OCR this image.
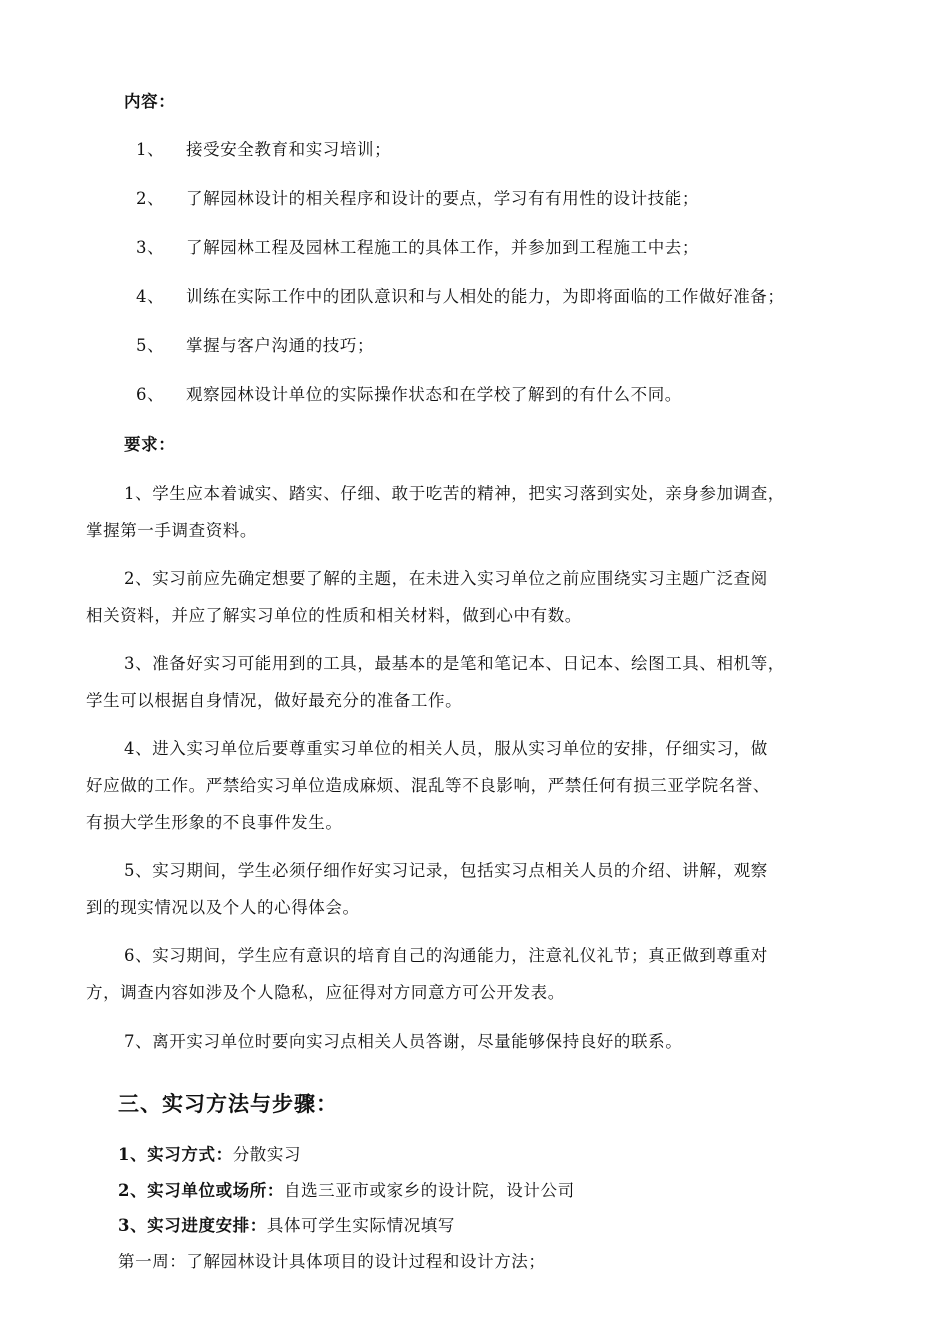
内容：
1、 接受安全教育和实习培训；
2、 了解园林设计的相关程序和设计的要点，学习有有用性的设计技能；
3、 了解园林工程及园林工程施工的具体工作，并参加到工程施工中去；
4、 训练在实际工作中的团队意识和与人相处的能力，为即将面临的工作做好准备；
5、 掌握与客户沟通的技巧；
6、 观察园林设计单位的实际操作状态和在学校了解到的有什么不同。
要求：
1、学生应本着诚实、踏实、仔细、敢于吃苦的精神，把实习落到实处，亲身参加调查，
掌握第一手调查资料。
2、实习前应先确定想要了解的主题，在未进入实习单位之前应围绕实习主题广泛查阅
相关资料，并应了解实习单位的性质和相关材料，做到心中有数。
3、准备好实习可能用到的工具，最基本的是笔和笔记本、日记本、绘图工具、相机等，
学生可以根据自身情况，做好最充分的准备工作。
4、进入实习单位后要尊重实习单位的相关人员，服从实习单位的安排，仔细实习，做
好应做的工作。严禁给实习单位造成麻烦、混乱等不良影响，严禁任何有损三亚学院名誉、
有损大学生形象的不良事件发生。
5、实习期间，学生必须仔细作好实习记录，包括实习点相关人员的介绍、讲解，观察
到的现实情况以及个人的心得体会。
6、实习期间，学生应有意识的培育自己的沟通能力，注意礼仪礼节；真正做到尊重对
方，调查内容如涉及个人隐私，应征得对方同意方可公开发表。
7、离开实习单位时要向实习点相关人员答谢，尽量能够保持良好的联系。
三、实习方法与步骤：
1、实习方式：分散实习
2、实习单位或场所：自选三亚市或家乡的设计院，设计公司
3、实习进度安排：具体可学生实际情况填写
第一周：了解园林设计具体项目的设计过程和设计方法；
